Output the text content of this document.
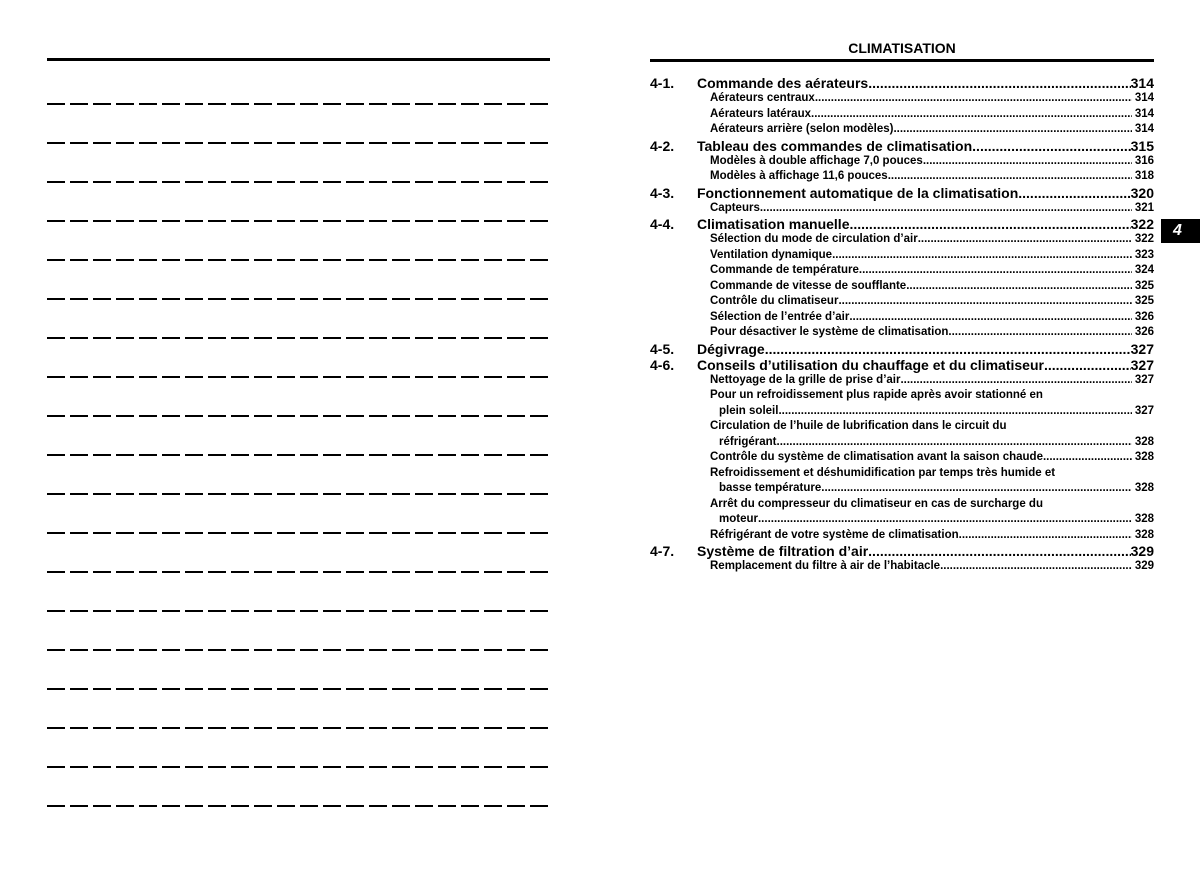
CLIMATISATION
4-1. Commande des aérateurs .....	314
Aérateurs centraux .....	314
Aérateurs latéraux .....	314
Aérateurs arrière (selon modèles) .....	314
4-2. Tableau des commandes de climatisation .....	315
Modèles à double affichage 7,0 pouces .....	316
Modèles à affichage 11,6 pouces .....	318
4-3. Fonctionnement automatique de la climatisation .....	320
Capteurs .....	321
4-4. Climatisation manuelle .....	322
Sélection du mode de circulation d’air .....	322
Ventilation dynamique .....	323
Commande de température .....	324
Commande de vitesse de soufflante .....	325
Contrôle du climatiseur .....	325
Sélection de l’entrée d’air .....	326
Pour désactiver le système de climatisation .....	326
4-5. Dégivrage .....	327
4-6. Conseils d’utilisation du chauffage et du climatiseur .....	327
Nettoyage de la grille de prise d’air .....	327
Pour un refroidissement plus rapide après avoir stationné en
plein soleil .....	327
Circulation de l’huile de lubrification dans le circuit du
réfrigérant .....	328
Contrôle du système de climatisation avant la saison chaude .....	328
Refroidissement et déshumidification par temps très humide et
basse température .....	328
Arrêt du compresseur du climatiseur en cas de surcharge du
moteur .....	328
Réfrigérant de votre système de climatisation .....	328
4-7. Système de filtration d’air .....	329
Remplacement du filtre à air de l’habitacle .....	329
4
